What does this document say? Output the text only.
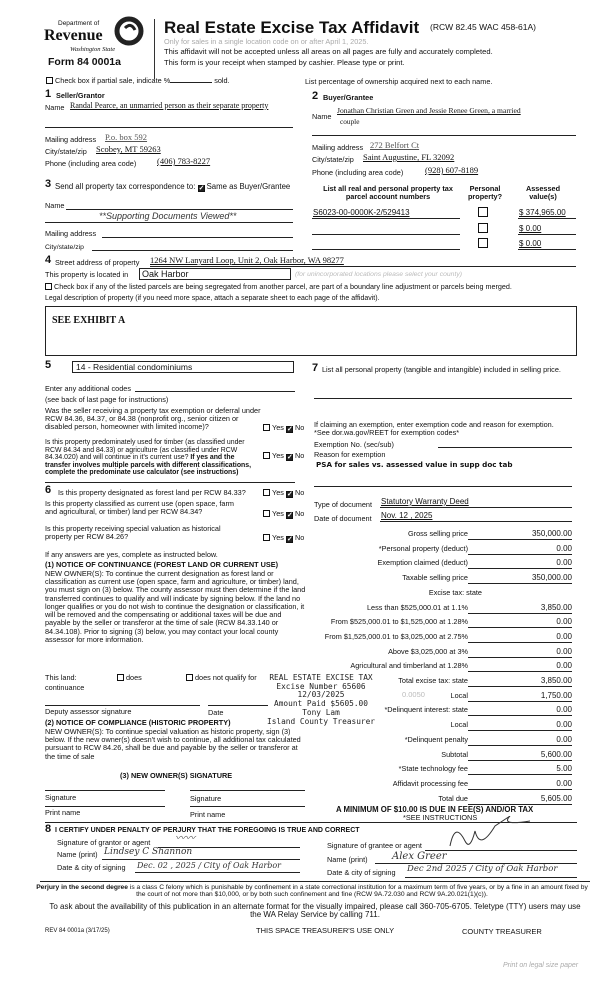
Department of
Revenue
Washington State
Form 84 0001a
Real Estate Excise Tax Affidavit (RCW 82.45 WAC 458-61A)
Only for sales in a single location code on or after April 1, 2025.
This affidavit will not be accepted unless all areas on all pages are fully and accurately completed.
This form is your receipt when stamped by cashier. Please type or print.
Check box if partial sale, indicate %	sold.	List percentage of ownership acquired next to each name.
1 Seller/Grantor
Name Randal Pearce, an unmarried person as their separate property
Mailing address P.o. box 592
City/state/zip Scobey, MT 59263
Phone (including area code) (406) 783-8227
2 Buyer/Grantee
Name
Jonathan Christian Green and Jessie Renee Green, a married
couple
Mailing address 272 Belfort Ct
City/state/zip Saint Augustine, FL 32092
Phone (including area code)	(928) 607-8189
3 Send all property tax correspondence to: ✓ Same as Buyer/Grantee
Name
**Supporting Documents Viewed**
Mailing address
City/state/zip
List all real and personal property tax
parcel account numbers
Personal
property?
Assessed
value(s)
S6023-00-0000K-2/529413	$ 374,965.00
$ 0.00
$ 0.00
4 Street address of property 1264 NW Lanyard Loop, Unit 2, Oak Harbor, WA 98277
This property is located in	Oak Harbor	(for unincorporated locations please select your county)
Check box if any of the listed parcels are being segregated from another parcel, are part of a boundary line adjustment or parcels being merged.
Legal description of property (if you need more space, attach a separate sheet to each page of the affidavit).
SEE EXHIBIT A
5	14 - Residential condominiums
Enter any additional codes
(see back of last page for instructions)
Was the seller receiving a property tax exemption or deferral under RCW 84.36, 84.37, or 84.38 (nonprofit org., senior citizen or disabled person, homeowner with limited income)?	Yes ✓ No
Is this property predominately used for timber (as classified under RCW 84.34 and 84.33) or agriculture (as classified under RCW 84.34.020) and will continue in it's current use? If yes and the transfer involves multiple parcels with different classifications, complete the predominate use calculator (see instructions)
Yes ✓ No
6 Is this property designated as forest land per RCW 84.33?	Yes ✓ No
Is this property classified as current use (open space, farm and agricultural, or timber) land per RCW 84.34?	Yes ✓ No
Is this property receiving special valuation as historical property per RCW 84.26?	Yes ✓ No
If any answers are yes, complete as instructed below.
(1) NOTICE OF CONTINUANCE (FOREST LAND OR CURRENT USE)
NEW OWNER(S): To continue the current designation as forest land or classification as current use (open space, farm and agriculture, or timber) land, you must sign on (3) below. The county assessor must then determine if the land transferred continues to qualify and will indicate by signing below. If the land no longer qualifies or you do not wish to continue the designation or classification, it will be removed and the compensating or additional taxes will be due and payable by the seller or transferor at the time of sale (RCW 84.33.140 or 84.34.108). Prior to signing (3) below, you may contact your local county assessor for more information.
This land:
continuance
does	does not qualify for
Deputy assessor signature	Date
(2) NOTICE OF COMPLIANCE (HISTORIC PROPERTY)
NEW OWNER(S): To continue special valuation as historic property, sign (3) below. If the new owner(s) doesn't wish to continue, all additional tax calculated pursuant to RCW 84.26, shall be due and payable by the seller or transferor at the time of sale
(3) NEW OWNER(S) SIGNATURE
Signature	Signature
Print name	Print name
7 List all personal property (tangible and intangible) included in selling price.
If claiming an exemption, enter exemption code and reason for exemption. *See dor.wa.gov/REET for exemption codes*
Exemption No. (sec/sub)
Reason for exemption
PSA for sales vs. assessed value in supp doc tab
Type of document Statutory Warranty Deed
Date of document Nov. 12 , 2025
Gross selling price	350,000.00
*Personal property (deduct)	0.00
Exemption claimed (deduct)	0.00
Taxable selling price	350,000.00
Excise tax: state
Less than $525,000.01 at 1.1%	3,850.00
From $525,000.01 to $1,525,000 at 1.28%	0.00
From $1,525,000.01 to $3,025,000 at 2.75%	0.00
Above $3,025,000 at 3%	0.00
Agricultural and timberland at 1.28%	0.00
Total excise tax: state	3,850.00
Local	1,750.00
*Delinquent interest: state	0.00
Local	0.00
*Delinquent penalty	0.00
Subtotal	5,600.00
*State technology fee	5.00
Affidavit processing fee	0.00
Total due	5,605.00
0.0050
A MINIMUM OF $10.00 IS DUE IN FEE(S) AND/OR TAX
*SEE INSTRUCTIONS
REAL ESTATE EXCISE TAX
Excise Number 65606
12/03/2025
Amount Paid $5605.00
Tony Lam
Island County Treasurer
8 I CERTIFY UNDER PENALTY OF PERJURY THAT THE FOREGOING IS TRUE AND CORRECT
Signature of grantor or agent 〰〰
Name (print) Lindsey C Shannon
Date & city of signing Dec. 02 , 2025 / City of Oak Harbor
Signature of grantee or agent
Name (print) Alex Greer
Date & city of signing Dec 2nd 2025 / City of Oak Harbor
Perjury in the second degree is a class C felony which is punishable by confinement in a state correctional institution for a maximum term of five years, or by a fine in an amount fixed by the court of not more than $10,000, or by both such confinement and fine (RCW 9A.72.030 and RCW 9A.20.021(1)(c)).
To ask about the availability of this publication in an alternate format for the visually impaired, please call 360-705-6705. Teletype (TTY) users may use the WA Relay Service by calling 711.
REV 84 0001a (3/17/25)	THIS SPACE TREASURER'S USE ONLY	COUNTY TREASURER
Print on legal size paper
